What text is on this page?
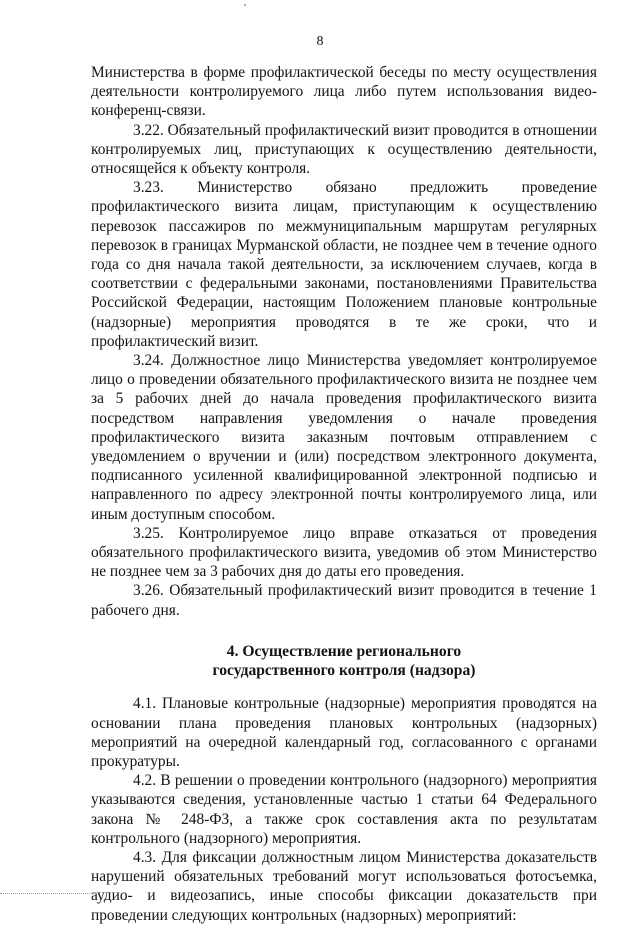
8

Министерства в форме профилактической беседы по месту осуществления деятельности контролируемого лица либо путем использования видео-конференц-связи.

3.22. Обязательный профилактический визит проводится в отношении контролируемых лиц, приступающих к осуществлению деятельности, относящейся к объекту контроля.

3.23. Министерство обязано предложить проведение профилактического визита лицам, приступающим к осуществлению перевозок пассажиров по межмуниципальным маршрутам регулярных перевозок в границах Мурманской области, не позднее чем в течение одного года со дня начала такой деятельности, за исключением случаев, когда в соответствии с федеральными законами, постановлениями Правительства Российской Федерации, настоящим Положением плановые контрольные (надзорные) мероприятия проводятся в те же сроки, что и профилактический визит.

3.24. Должностное лицо Министерства уведомляет контролируемое лицо о проведении обязательного профилактического визита не позднее чем за 5 рабочих дней до начала проведения профилактического визита посредством направления уведомления о начале проведения профилактического визита заказным почтовым отправлением с уведомлением о вручении и (или) посредством электронного документа, подписанного усиленной квалифицированной электронной подписью и направленного по адресу электронной почты контролируемого лица, или иным доступным способом.

3.25. Контролируемое лицо вправе отказаться от проведения обязательного профилактического визита, уведомив об этом Министерство не позднее чем за 3 рабочих дня до даты его проведения.

3.26. Обязательный профилактический визит проводится в течение 1 рабочего дня.

4. Осуществление регионального

государственного контроля (надзора)

4.1. Плановые контрольные (надзорные) мероприятия проводятся на основании плана проведения плановых контрольных (надзорных) мероприятий на очередной календарный год, согласованного с органами прокуратуры.

4.2. В решении о проведении контрольного (надзорного) мероприятия указываются сведения, установленные частью 1 статьи 64 Федерального закона № 248-ФЗ, а также срок составления акта по результатам контрольного (надзорного) мероприятия.

4.3. Для фиксации должностным лицом Министерства доказательств нарушений обязательных требований могут использоваться фотосъемка, аудио- и видеозапись, иные способы фиксации доказательств при проведении следующих контрольных (надзорных) мероприятий:
